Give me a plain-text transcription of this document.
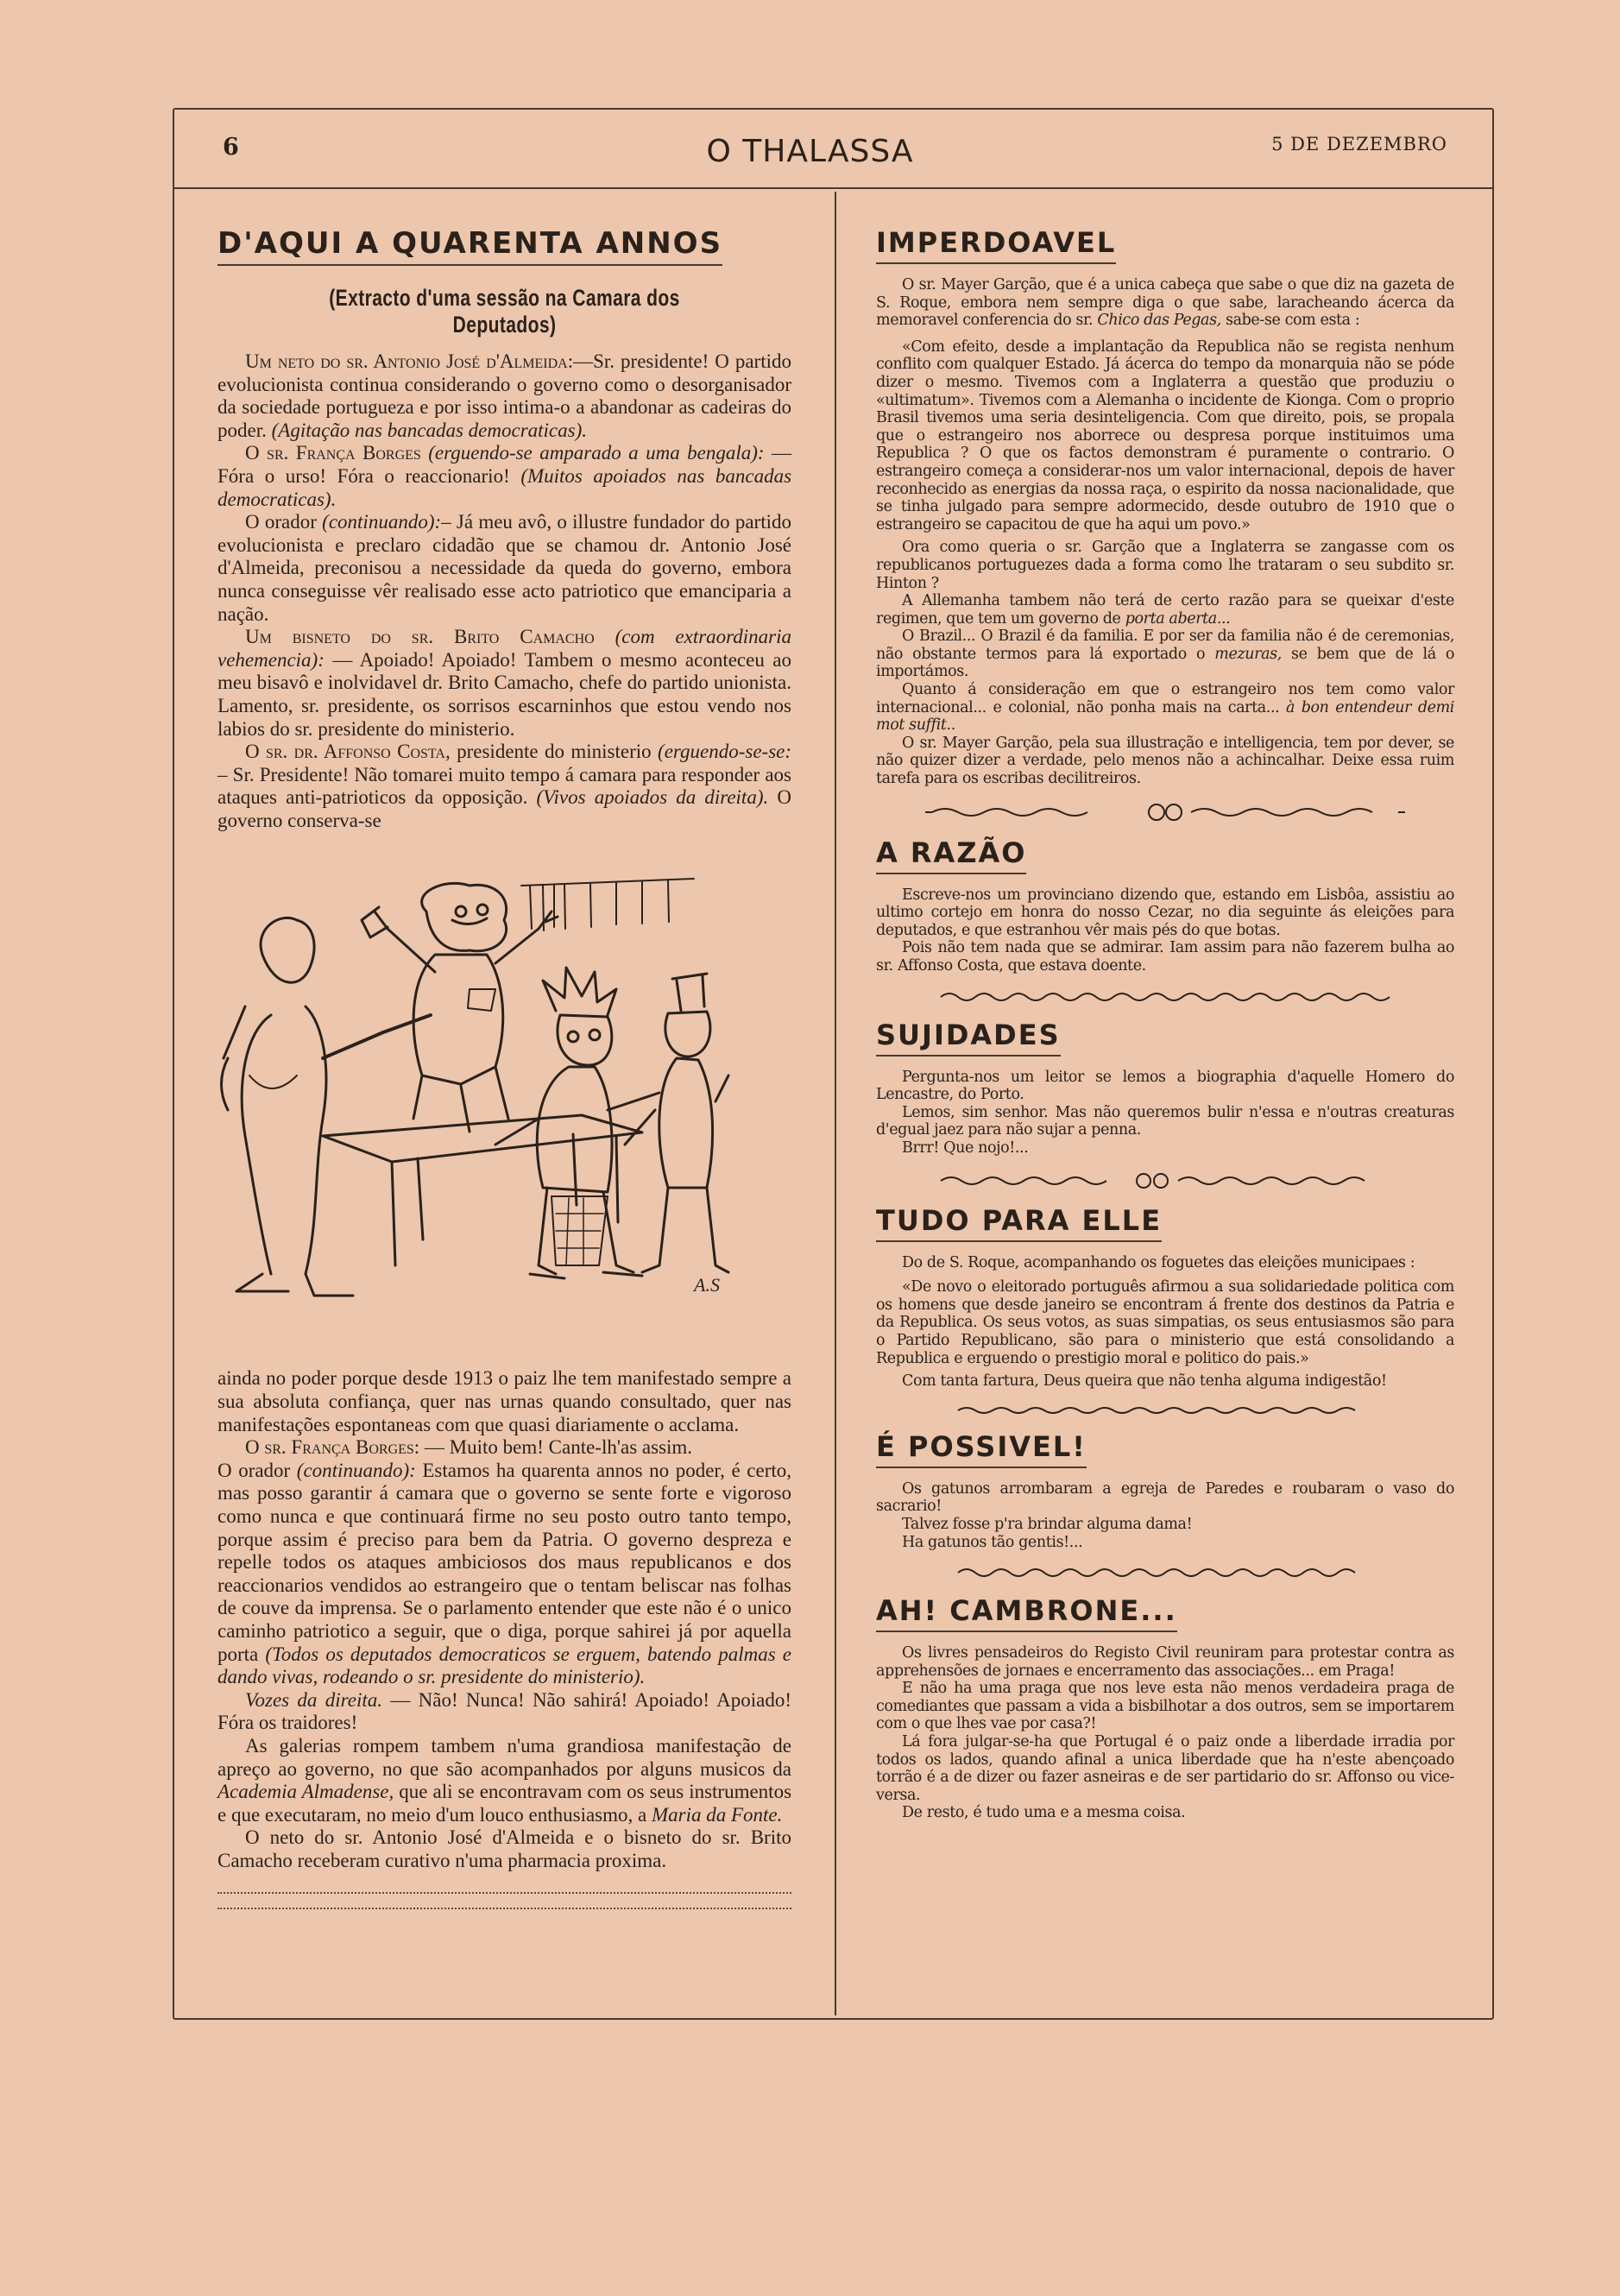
6	O THALASSA	5 DE DEZEMBRO
D'AQUI A QUARENTA ANNOS
(Extracto d'uma sessão na Camara dos Deputados)

Um neto do sr. Antonio José d'Almeida:—Sr. presidente! O partido evolucionista continua considerando o governo como o desorganisador da sociedade portugueza e por isso intima-o a abandonar as cadeiras do poder. (Agitação nas bancadas democraticas).

O sr. França Borges (erguendo-se amparado a uma bengala): — Fóra o urso! Fóra o reaccionario! (Muitos apoiados nas bancadas democraticas).

O orador (continuando):– Já meu avô, o illustre fundador do partido evolucionista e preclaro cidadão que se chamou dr. Antonio José d'Almeida, preconisou a necessidade da queda do governo, embora nunca conseguisse vêr realisado esse acto patriotico que emanciparia a nação.

Um bisneto do sr. Brito Camacho (com extraordinaria vehemencia): — Apoiado! Apoiado! Tambem o mesmo aconteceu ao meu bisavô e inolvidavel dr. Brito Camacho, chefe do partido unionista. Lamento, sr. presidente, os sorrisos escarninhos que estou vendo nos labios do sr. presidente do ministerio.

O sr. dr. Affonso Costa, presidente do ministerio (erguendo-se-se: – Sr. Presidente! Não tomarei muito tempo á camara para responder aos ataques anti-patrioticos da opposição. (Vivos apoiados da direita). O governo conserva-se

A.S

ainda no poder porque desde 1913 o paiz lhe tem manifestado sempre a sua absoluta confiança, quer nas urnas quando consultado, quer nas manifestações espontaneas com que quasi diariamente o acclama.

O sr. França Borges: — Muito bem! Cante-lh'as assim.

O orador (continuando): Estamos ha quarenta annos no poder, é certo, mas posso garantir á camara que o governo se sente forte e vigoroso como nunca e que continuará firme no seu posto outro tanto tempo, porque assim é preciso para bem da Patria. O governo despreza e repelle todos os ataques ambiciosos dos maus republicanos e dos reaccionarios vendidos ao estrangeiro que o tentam beliscar nas folhas de couve da imprensa. Se o parlamento entender que este não é o unico caminho patriotico a seguir, que o diga, porque sahirei já por aquella porta (Todos os deputados democraticos se erguem, batendo palmas e dando vivas, rodeando o sr. presidente do ministerio).

Vozes da direita. — Não! Nunca! Não sahirá! Apoiado! Apoiado! Fóra os traidores!

As galerias rompem tambem n'uma grandiosa manifestação de apreço ao governo, no que são acompanhados por alguns musicos da Academia Almadense, que ali se encontravam com os seus instrumentos e que executaram, no meio d'um louco enthusiasmo, a Maria da Fonte.

O neto do sr. Antonio José d'Almeida e o bisneto do sr. Brito Camacho receberam curativo n'uma pharmacia proxima.

IMPERDOAVEL

O sr. Mayer Garção, que é a unica cabeça que sabe o que diz na gazeta de S. Roque, embora nem sempre diga o que sabe, laracheando ácerca da memoravel conferencia do sr. Chico das Pegas, sabe-se com esta :

«Com efeito, desde a implantação da Republica não se regista nenhum conflito com qualquer Estado. Já ácerca do tempo da monarquia não se póde dizer o mesmo. Tivemos com a Inglaterra a questão que produziu o «ultimatum». Tivemos com a Alemanha o incidente de Kionga. Com o proprio Brasil tivemos uma seria desinteligencia. Com que direito, pois, se propala que o estrangeiro nos aborrece ou despresa porque instituimos uma Republica ? O que os factos demonstram é puramente o contrario. O estrangeiro começa a considerar-nos um valor internacional, depois de haver reconhecido as energias da nossa raça, o espirito da nossa nacionalidade, que se tinha julgado para sempre adormecido, desde outubro de 1910 que o estrangeiro se capacitou de que ha aqui um povo.»

Ora como queria o sr. Garção que a Inglaterra se zangasse com os republicanos portuguezes dada a forma como lhe trataram o seu subdito sr. Hinton ?

A Allemanha tambem não terá de certo razão para se queixar d'este regimen, que tem um governo de porta aberta...

O Brazil... O Brazil é da familia. E por ser da familia não é de ceremonias, não obstante termos para lá exportado o mezuras, se bem que de lá o importámos.

Quanto á consideração em que o estrangeiro nos tem como valor internacional... e colonial, não ponha mais na carta... à bon entendeur demi mot suffit..

O sr. Mayer Garção, pela sua illustração e intelligencia, tem por dever, se não quizer dizer a verdade, pelo menos não a achincalhar. Deixe essa ruim tarefa para os escribas decilitreiros.

A RAZÃO

Escreve-nos um provinciano dizendo que, estando em Lisbôa, assistiu ao ultimo cortejo em honra do nosso Cezar, no dia seguinte ás eleições para deputados, e que estranhou vêr mais pés do que botas.

Pois não tem nada que se admirar. Iam assim para não fazerem bulha ao sr. Affonso Costa, que estava doente.

SUJIDADES

Pergunta-nos um leitor se lemos a biographia d'aquelle Homero do Lencastre, do Porto.

Lemos, sim senhor. Mas não queremos bulir n'essa e n'outras creaturas d'egual jaez para não sujar a penna.

Brrr! Que nojo!...

TUDO PARA ELLE

Do de S. Roque, acompanhando os foguetes das eleições municipaes :

«De novo o eleitorado português afirmou a sua solidariedade politica com os homens que desde janeiro se encontram á frente dos destinos da Patria e da Republica. Os seus votos, as suas simpatias, os seus entusiasmos são para o Partido Republicano, são para o ministerio que está consolidando a Republica e erguendo o prestigio moral e politico do pais.»

Com tanta fartura, Deus queira que não tenha alguma indigestão!

É POSSIVEL!

Os gatunos arrombaram a egreja de Paredes e roubaram o vaso do sacrario!

Talvez fosse p'ra brindar alguma dama!

Ha gatunos tão gentis!...

AH! CAMBRONE...

Os livres pensadeiros do Registo Civil reuniram para protestar contra as apprehensões de jornaes e encerramento das associações... em Praga!

E não ha uma praga que nos leve esta não menos verdadeira praga de comediantes que passam a vida a bisbilhotar a dos outros, sem se importarem com o que lhes vae por casa?!

Lá fora julgar-se-ha que Portugal é o paiz onde a liberdade irradia por todos os lados, quando afinal a unica liberdade que ha n'este abençoado torrão é a de dizer ou fazer asneiras e de ser partidario do sr. Affonso ou vice-versa.

De resto, é tudo uma e a mesma coisa.
